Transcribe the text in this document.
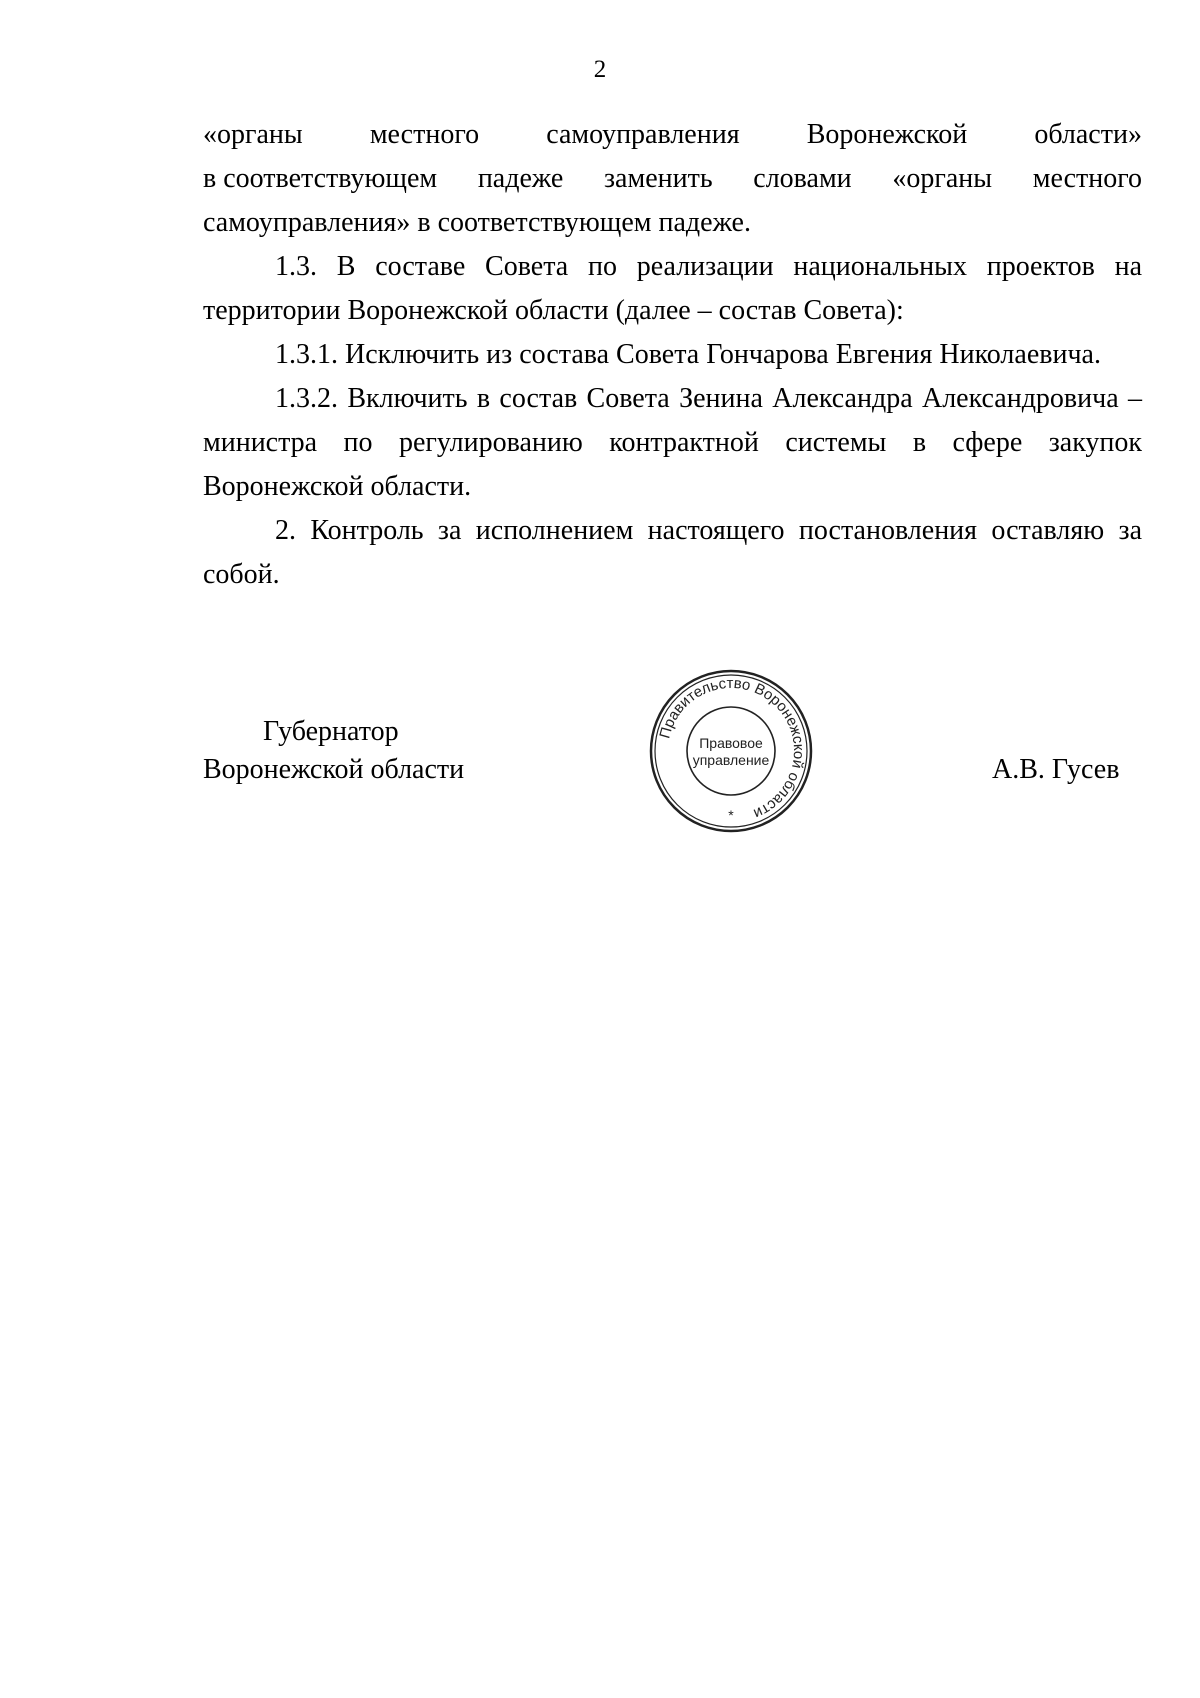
2

«органы местного самоуправления Воронежской области»
в соответствующем падеже заменить словами «органы местного
самоуправления» в соответствующем падеже.

1.3. В составе Совета по реализации национальных проектов на территории Воронежской области (далее – состав Совета):

1.3.1. Исключить из состава Совета Гончарова Евгения Николаевича.

1.3.2. Включить в состав Совета Зенина Александра Александровича – министра по регулированию контрактной системы в сфере закупок Воронежской области.

2. Контроль за исполнением настоящего постановления оставляю за собой.

Губернатор
Воронежской области	А.В. Гусев
Правительство Воронежской области
Правовое
управление
*
